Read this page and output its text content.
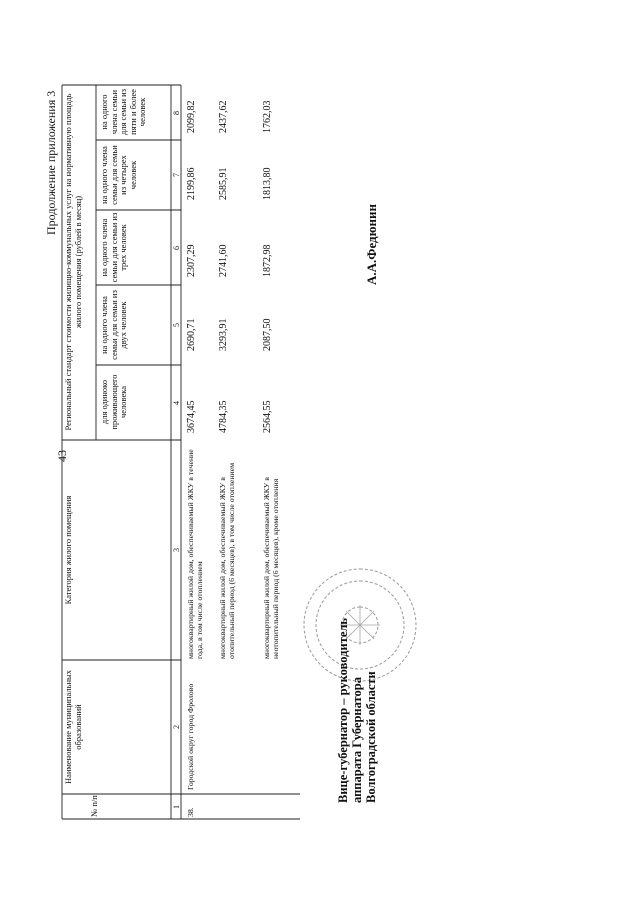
43
Продолжение приложения 3
№ п/п
Наименование муниципальных образований
Категория жилого помещения
Региональный стандарт стоимости жилищно-коммунальных услуг на нормативную площадь жилого помещения (рублей в месяц)
для одиноко проживающего человека
на одного члена семьи для семьи из двух человек
на одного члена семьи для семьи из трех человек
на одного члена семьи для семьи из четырех человек
на одного члена семьи для семьи из пяти и более человек
1
2
3
4
5
6
7
8
38.
Городской округ город Фролово
многоквартирный жилой дом, обеспечиваемый ЖКУ в течение года, в том числе отоплением
3674,45
2690,71
2307,29
2199,86
2099,82
многоквартирный жилой дом, обеспечиваемый ЖКУ в отопительный период (6 месяцев), в том числе отоплением
4784,35
3293,91
2741,60
2585,91
2437,62
многоквартирный жилой дом, обеспечиваемый ЖКУ в неотопительный период (6 месяцев), кроме отопления
2564,55
2087,50
1872,98
1813,80
1762,03
Вице-губернатор – руководитель аппарата Губернатора Волгоградской области
А.А.Федюнин
